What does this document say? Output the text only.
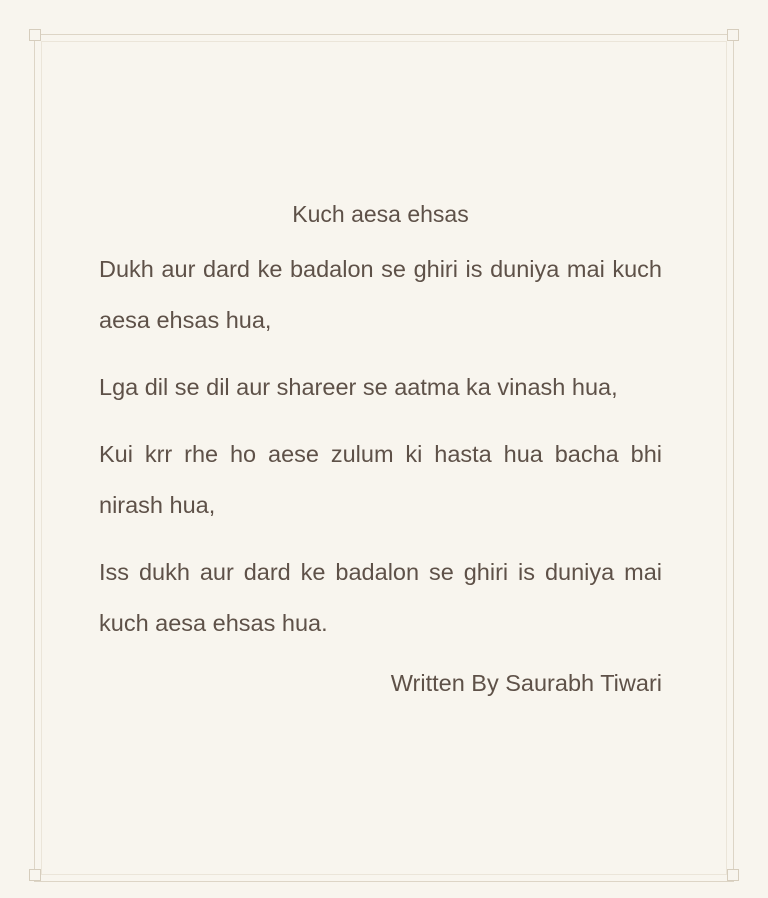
Kuch aesa ehsas

Dukh aur dard ke badalon se ghiri is duniya mai kuch aesa ehsas hua,

Lga dil se dil aur shareer se aatma ka vinash hua,

Kui krr rhe ho aese zulum ki hasta hua bacha bhi nirash hua,

Iss dukh aur dard ke badalon se ghiri is duniya mai kuch aesa ehsas hua.

Written By Saurabh Tiwari
